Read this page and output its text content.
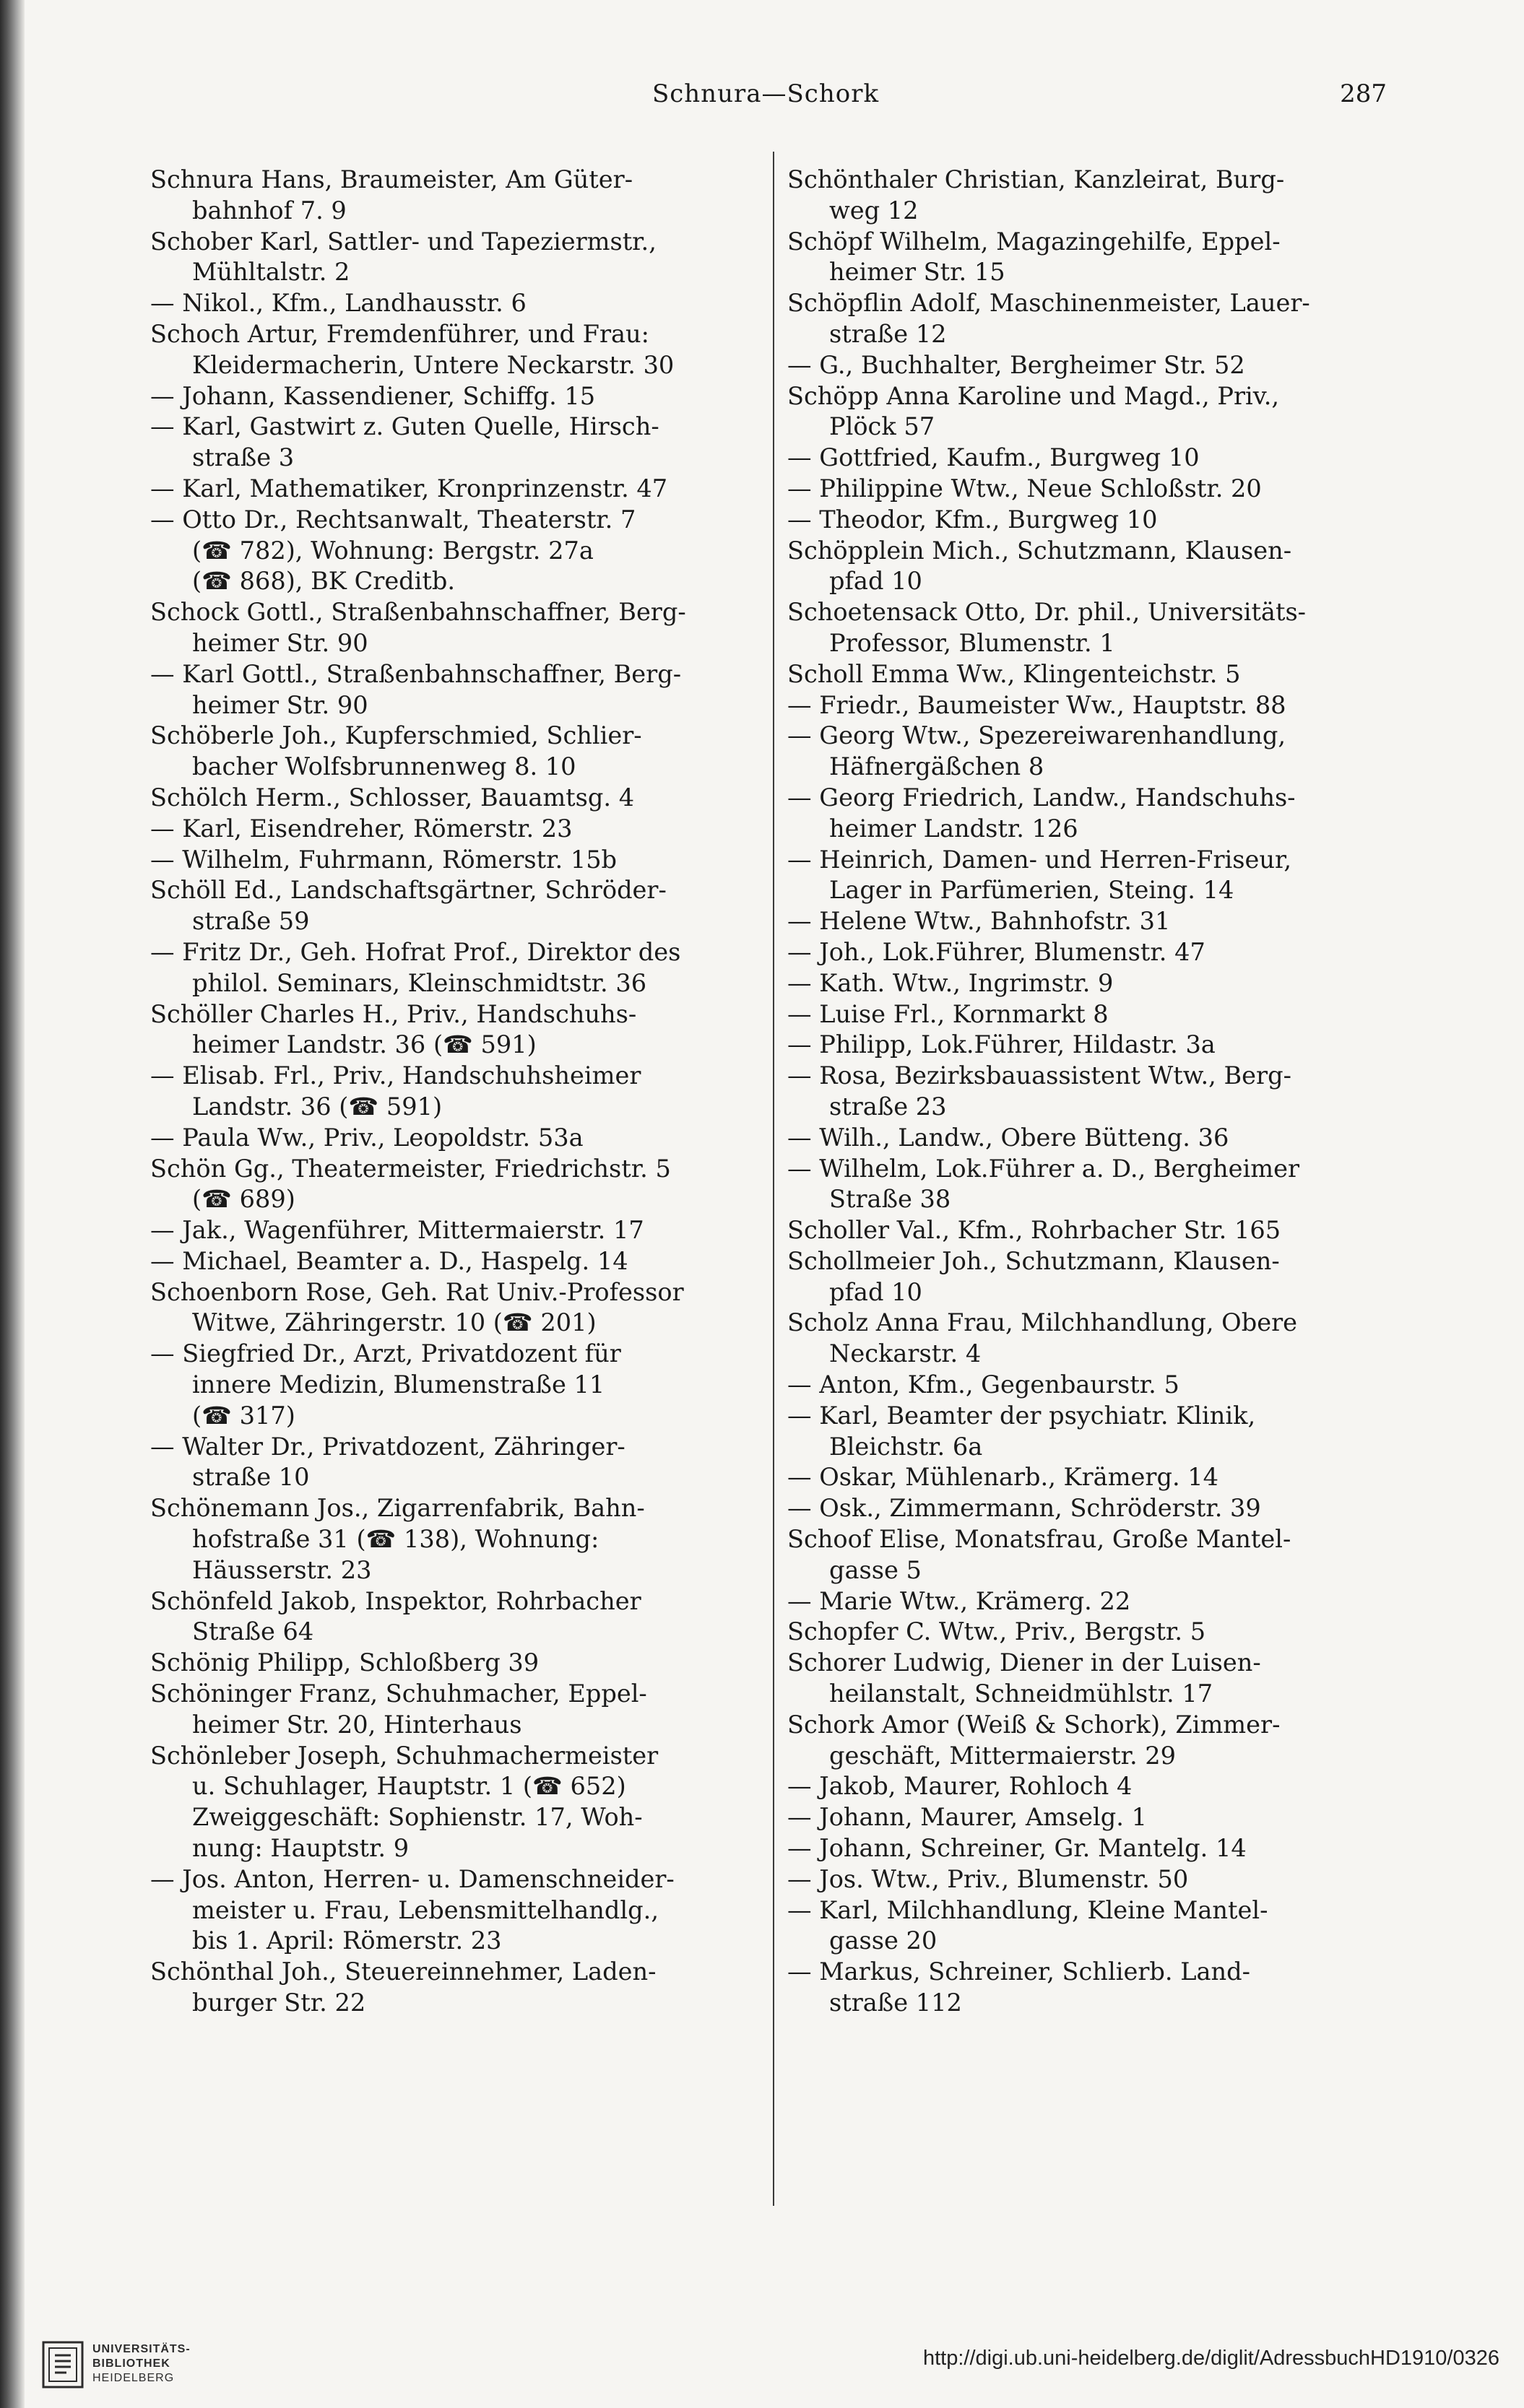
Schnura—Schork	287
Schnura Hans, Braumeister, Am Güter-
bahnhof 7. 9
Schober Karl, Sattler- und Tapeziermstr.,
Mühltalstr. 2
— Nikol., Kfm., Landhausstr. 6
Schoch Artur, Fremdenführer, und Frau:
Kleidermacherin, Untere Neckarstr. 30
— Johann, Kassendiener, Schiffg. 15
— Karl, Gastwirt z. Guten Quelle, Hirsch-
straße 3
— Karl, Mathematiker, Kronprinzenstr. 47
— Otto Dr., Rechtsanwalt, Theaterstr. 7
(☎ 782), Wohnung: Bergstr. 27a
(☎ 868), BK Creditb.
Schock Gottl., Straßenbahnschaffner, Berg-
heimer Str. 90
— Karl Gottl., Straßenbahnschaffner, Berg-
heimer Str. 90
Schöberle Joh., Kupferschmied, Schlier-
bacher Wolfsbrunnenweg 8. 10
Schölch Herm., Schlosser, Bauamtsg. 4
— Karl, Eisendreher, Römerstr. 23
— Wilhelm, Fuhrmann, Römerstr. 15b
Schöll Ed., Landschaftsgärtner, Schröder-
straße 59
— Fritz Dr., Geh. Hofrat Prof., Direktor des
philol. Seminars, Kleinschmidtstr. 36
Schöller Charles H., Priv., Handschuhs-
heimer Landstr. 36 (☎ 591)
— Elisab. Frl., Priv., Handschuhsheimer
Landstr. 36 (☎ 591)
— Paula Ww., Priv., Leopoldstr. 53a
Schön Gg., Theatermeister, Friedrichstr. 5
(☎ 689)
— Jak., Wagenführer, Mittermaierstr. 17
— Michael, Beamter a. D., Haspelg. 14
Schoenborn Rose, Geh. Rat Univ.-Professor
Witwe, Zähringerstr. 10 (☎ 201)
— Siegfried Dr., Arzt, Privatdozent für
innere Medizin, Blumenstraße 11
(☎ 317)
— Walter Dr., Privatdozent, Zähringer-
straße 10
Schönemann Jos., Zigarrenfabrik, Bahn-
hofstraße 31 (☎ 138), Wohnung:
Häusserstr. 23
Schönfeld Jakob, Inspektor, Rohrbacher
Straße 64
Schönig Philipp, Schloßberg 39
Schöninger Franz, Schuhmacher, Eppel-
heimer Str. 20, Hinterhaus
Schönleber Joseph, Schuhmachermeister
u. Schuhlager, Hauptstr. 1 (☎ 652)
Zweiggeschäft: Sophienstr. 17, Woh-
nung: Hauptstr. 9
— Jos. Anton, Herren- u. Damenschneider-
meister u. Frau, Lebensmittelhandlg.,
bis 1. April: Römerstr. 23
Schönthal Joh., Steuereinnehmer, Laden-
burger Str. 22
Schönthaler Christian, Kanzleirat, Burg-
weg 12
Schöpf Wilhelm, Magazingehilfe, Eppel-
heimer Str. 15
Schöpflin Adolf, Maschinenmeister, Lauer-
straße 12
— G., Buchhalter, Bergheimer Str. 52
Schöpp Anna Karoline und Magd., Priv.,
Plöck 57
— Gottfried, Kaufm., Burgweg 10
— Philippine Wtw., Neue Schloßstr. 20
— Theodor, Kfm., Burgweg 10
Schöpplein Mich., Schutzmann, Klausen-
pfad 10
Schoetensack Otto, Dr. phil., Universitäts-
Professor, Blumenstr. 1
Scholl Emma Ww., Klingenteichstr. 5
— Friedr., Baumeister Ww., Hauptstr. 88
— Georg Wtw., Spezereiwarenhandlung,
Häfnergäßchen 8
— Georg Friedrich, Landw., Handschuhs-
heimer Landstr. 126
— Heinrich, Damen- und Herren-Friseur,
Lager in Parfümerien, Steing. 14
— Helene Wtw., Bahnhofstr. 31
— Joh., Lok.Führer, Blumenstr. 47
— Kath. Wtw., Ingrimstr. 9
— Luise Frl., Kornmarkt 8
— Philipp, Lok.Führer, Hildastr. 3a
— Rosa, Bezirksbauassistent Wtw., Berg-
straße 23
— Wilh., Landw., Obere Bütteng. 36
— Wilhelm, Lok.Führer a. D., Bergheimer
Straße 38
Scholler Val., Kfm., Rohrbacher Str. 165
Schollmeier Joh., Schutzmann, Klausen-
pfad 10
Scholz Anna Frau, Milchhandlung, Obere
Neckarstr. 4
— Anton, Kfm., Gegenbaurstr. 5
— Karl, Beamter der psychiatr. Klinik,
Bleichstr. 6a
— Oskar, Mühlenarb., Krämerg. 14
— Osk., Zimmermann, Schröderstr. 39
Schoof Elise, Monatsfrau, Große Mantel-
gasse 5
— Marie Wtw., Krämerg. 22
Schopfer C. Wtw., Priv., Bergstr. 5
Schorer Ludwig, Diener in der Luisen-
heilanstalt, Schneidmühlstr. 17
Schork Amor (Weiß & Schork), Zimmer-
geschäft, Mittermaierstr. 29
— Jakob, Maurer, Rohloch 4
— Johann, Maurer, Amselg. 1
— Johann, Schreiner, Gr. Mantelg. 14
— Jos. Wtw., Priv., Blumenstr. 50
— Karl, Milchhandlung, Kleine Mantel-
gasse 20
— Markus, Schreiner, Schlierb. Land-
straße 112
UNIVERSITÄTS-
BIBLIOTHEK
HEIDELBERG
http://digi.ub.uni-heidelberg.de/diglit/AdressbuchHD1910/0326
